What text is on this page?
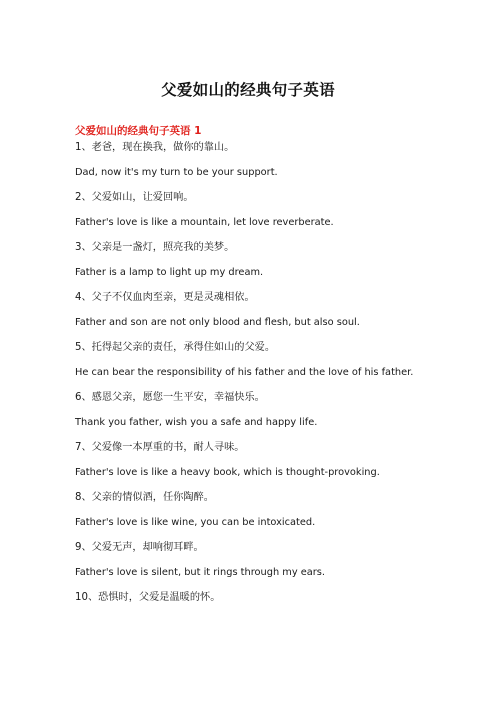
父爱如山的经典句子英语
父爱如山的经典句子英语 1
1、老爸，现在换我，做你的靠山。
Dad, now it's my turn to be your support.
2、父爱如山，让爱回响。
Father's love is like a mountain, let love reverberate.
3、父亲是一盏灯，照亮我的美梦。
Father is a lamp to light up my dream.
4、父子不仅血肉至亲，更是灵魂相依。
Father and son are not only blood and flesh, but also soul.
5、托得起父亲的责任，承得住如山的父爱。
He can bear the responsibility of his father and the love of his father.
6、感恩父亲，愿您一生平安，幸福快乐。
Thank you father, wish you a safe and happy life.
7、父爱像一本厚重的书，耐人寻味。
Father's love is like a heavy book, which is thought-provoking.
8、父亲的情似酒，任你陶醉。
Father's love is like wine, you can be intoxicated.
9、父爱无声，却响彻耳畔。
Father's love is silent, but it rings through my ears.
10、恐惧时，父爱是温暖的怀。
